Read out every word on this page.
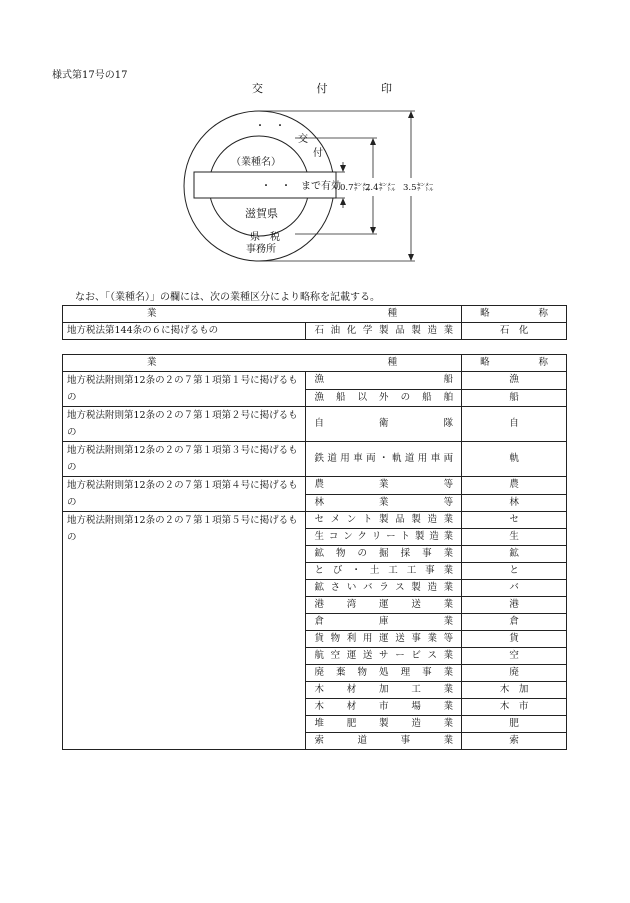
様式第17号の17
交	付	印
・ ・
交
付
（業種名）
・　・　まで有効
滋賀県
県　税
事務所
0.7㌢㍍
2.4㌢㍍ 3.5㌢㍍
なお、「（業種名）」の欄には、次の業種区分により略称を記載する。
業 種		略 称

地方税法第144条の６に掲げるもの	石油化学製品製造業	石　化
業 種		略 称

地方税法附則第12条の２の７第１項第１号に掲げるもの	漁船	漁
	漁船以外の船舶	船
地方税法附則第12条の２の７第１項第２号に掲げるもの	自衛隊	自
地方税法附則第12条の２の７第１項第３号に掲げるもの	鉄道用車両・軌道用車両	軌
地方税法附則第12条の２の７第１項第４号に掲げるもの	農業等	農
	林業等	林
地方税法附則第12条の２の７第１項第５号に掲げるもの	セメント製品製造業	セ
	生コンクリート製造業	生
	鉱物の掘採事業	鉱
	とび・土工工事業	と
	鉱さいバラス製造業	バ
	港湾運送業	港
	倉庫業	倉
	貨物利用運送事業等	貨
	航空運送サービス業	空
	廃棄物処理事業	廃
	木材加工業	木　加
	木材市場業	木　市
	堆肥製造業	肥
	索道事業	索
